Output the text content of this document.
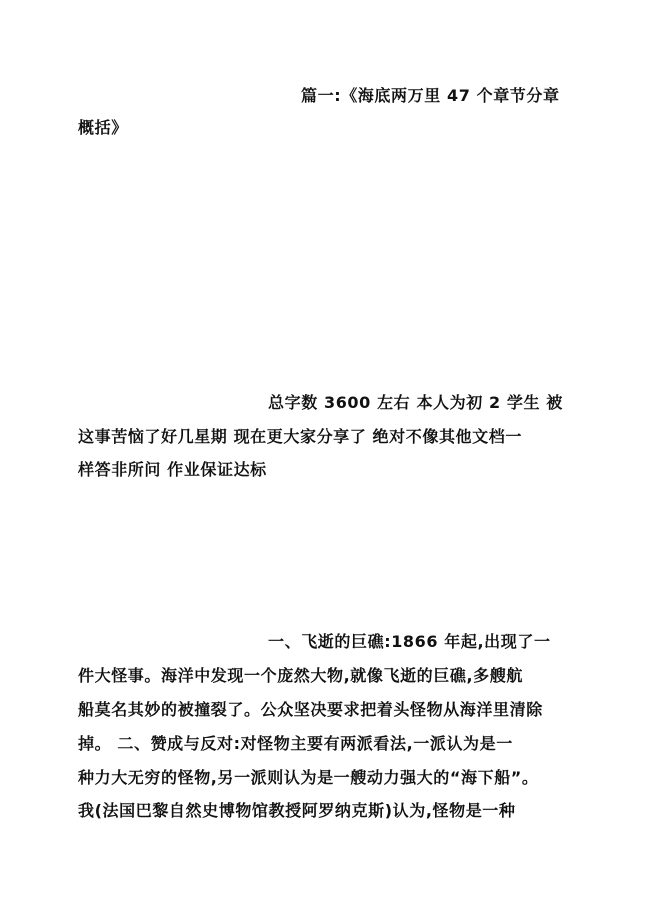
篇一:《海底两万里 47 个章节分章
概括》
总字数 3600 左右 本人为初 2 学生 被
这事苦恼了好几星期 现在更大家分享了 绝对不像其他文档一
样答非所问 作业保证达标
一、飞逝的巨礁:1866 年起,出现了一
件大怪事。海洋中发现一个庞然大物,就像飞逝的巨礁,多艘航
船莫名其妙的被撞裂了。公众坚决要求把着头怪物从海洋里清除
掉。 二、赞成与反对:对怪物主要有两派看法,一派认为是一
种力大无穷的怪物,另一派则认为是一艘动力强大的“海下船”。
我(法国巴黎自然史博物馆教授阿罗纳克斯)认为,怪物是一种
